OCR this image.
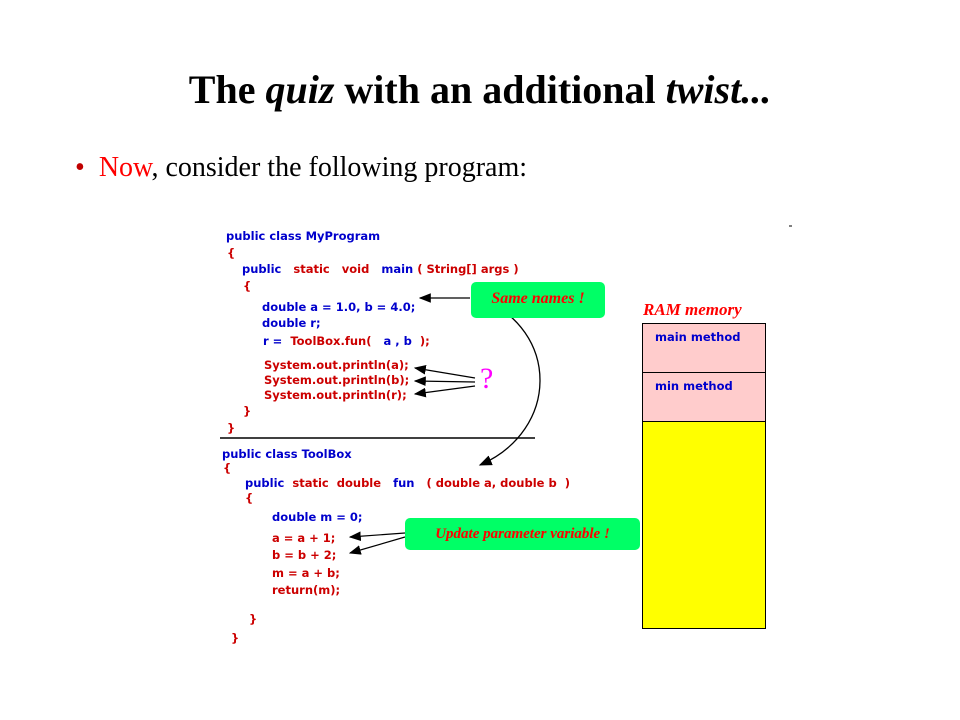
The quiz with an additional twist...
• Now, consider the following program:
public class MyProgram
{
public static void main ( String[] args )
{
double a = 1.0, b = 4.0;
double r;
r = ToolBox.fun( a , b );
System.out.println(a);
System.out.println(b);
System.out.println(r);
}
}
public class ToolBox
{
public static double fun ( double a, double b  )
{
double m = 0;
a = a + 1;
b = b + 2;
m = a + b;
return(m);
}
}
Same names !
?
Update parameter variable !
RAM memory
main method
min method
